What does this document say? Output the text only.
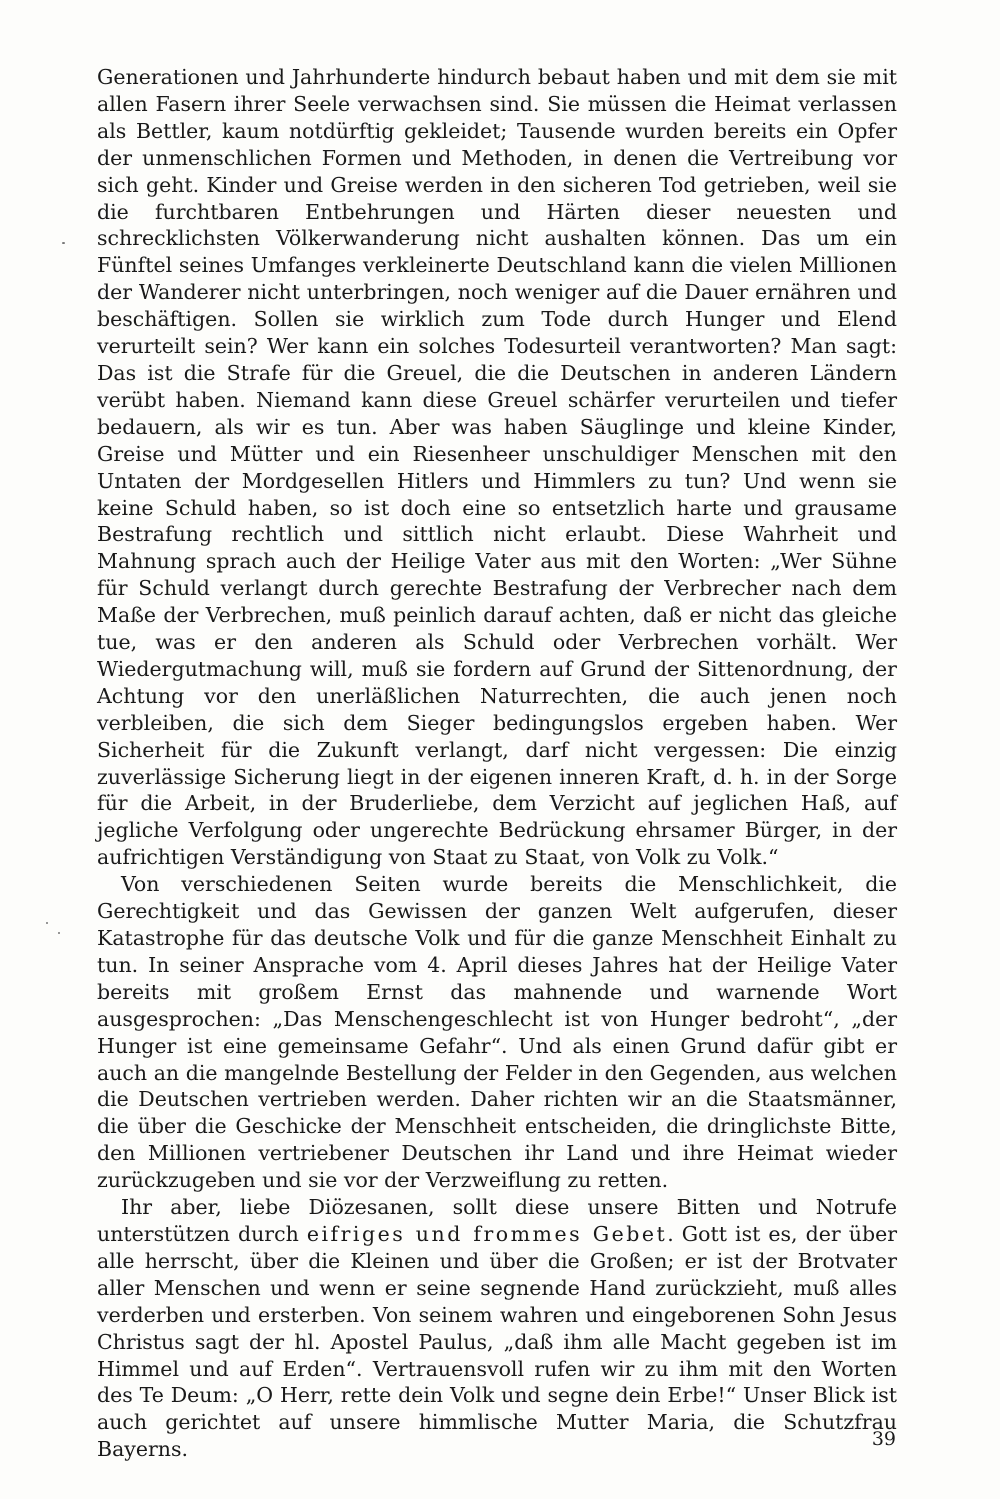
Generationen und Jahrhunderte hindurch bebaut haben und mit dem sie mit allen Fasern ihrer Seele verwachsen sind. Sie müssen die Heimat verlassen als Bettler, kaum notdürftig gekleidet; Tausende wurden bereits ein Opfer der unmenschlichen Formen und Methoden, in denen die Vertreibung vor sich geht. Kinder und Greise werden in den sicheren Tod getrieben, weil sie die furchtbaren Entbehrungen und Härten dieser neuesten und schrecklichsten Völkerwanderung nicht aushalten können. Das um ein Fünftel seines Umfanges verkleinerte Deutschland kann die vielen Millionen der Wanderer nicht unterbringen, noch weniger auf die Dauer ernähren und beschäftigen. Sollen sie wirklich zum Tode durch Hunger und Elend verurteilt sein? Wer kann ein solches Todesurteil verantworten? Man sagt: Das ist die Strafe für die Greuel, die die Deutschen in anderen Ländern verübt haben. Niemand kann diese Greuel schärfer verurteilen und tiefer bedauern, als wir es tun. Aber was haben Säuglinge und kleine Kinder, Greise und Mütter und ein Riesenheer unschuldiger Menschen mit den Untaten der Mordgesellen Hitlers und Himmlers zu tun? Und wenn sie keine Schuld haben, so ist doch eine so entsetzlich harte und grausame Bestrafung rechtlich und sittlich nicht erlaubt. Diese Wahrheit und Mahnung sprach auch der Heilige Vater aus mit den Worten: „Wer Sühne für Schuld verlangt durch gerechte Bestrafung der Verbrecher nach dem Maße der Verbrechen, muß peinlich darauf achten, daß er nicht das gleiche tue, was er den anderen als Schuld oder Verbrechen vorhält. Wer Wiedergutmachung will, muß sie fordern auf Grund der Sittenordnung, der Achtung vor den unerläßlichen Naturrechten, die auch jenen noch verbleiben, die sich dem Sieger bedingungslos ergeben haben. Wer Sicherheit für die Zukunft verlangt, darf nicht vergessen: Die einzig zuverlässige Sicherung liegt in der eigenen inneren Kraft, d. h. in der Sorge für die Arbeit, in der Bruderliebe, dem Verzicht auf jeglichen Haß, auf jegliche Verfolgung oder ungerechte Bedrückung ehrsamer Bürger, in der aufrichtigen Verständigung von Staat zu Staat, von Volk zu Volk.“

Von verschiedenen Seiten wurde bereits die Menschlichkeit, die Gerechtigkeit und das Gewissen der ganzen Welt aufgerufen, dieser Katastrophe für das deutsche Volk und für die ganze Menschheit Einhalt zu tun. In seiner Ansprache vom 4. April dieses Jahres hat der Heilige Vater bereits mit großem Ernst das mahnende und warnende Wort ausgesprochen: „Das Menschengeschlecht ist von Hunger bedroht“, „der Hunger ist eine gemeinsame Gefahr“. Und als einen Grund dafür gibt er auch an die mangelnde Bestellung der Felder in den Gegenden, aus welchen die Deutschen vertrieben werden. Daher richten wir an die Staatsmänner, die über die Geschicke der Menschheit entscheiden, die dringlichste Bitte, den Millionen vertriebener Deutschen ihr Land und ihre Heimat wieder zurückzugeben und sie vor der Verzweiflung zu retten.

Ihr aber, liebe Diözesanen, sollt diese unsere Bitten und Notrufe unterstützen durch eifriges und frommes Gebet. Gott ist es, der über alle herrscht, über die Kleinen und über die Großen; er ist der Brotvater aller Menschen und wenn er seine segnende Hand zurückzieht, muß alles verderben und ersterben. Von seinem wahren und eingeborenen Sohn Jesus Christus sagt der hl. Apostel Paulus, „daß ihm alle Macht gegeben ist im Himmel und auf Erden“. Vertrauensvoll rufen wir zu ihm mit den Worten des Te Deum: „O Herr, rette dein Volk und segne dein Erbe!“ Unser Blick ist auch gerichtet auf unsere himmlische Mutter Maria, die Schutzfrau Bayerns.	39
